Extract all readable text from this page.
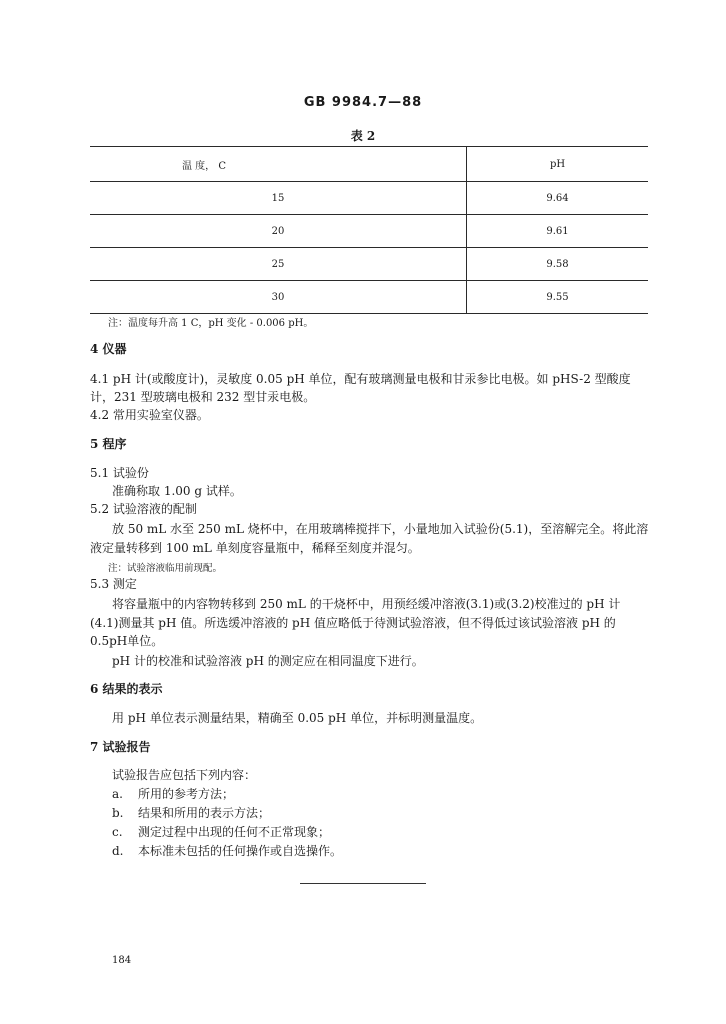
GB 9984.7—88
表 2
温 度， C	pH
15	9.64
20	9.61
25	9.58
30	9.55
注：温度每升高 1 C，pH 变化 - 0.006 pH。
4 仪器
4.1 pH 计(或酸度计)，灵敏度 0.05 pH 单位，配有玻璃测量电极和甘汞参比电极。如 pHS-2 型酸度
计，231 型玻璃电极和 232 型甘汞电极。
4.2 常用实验室仪器。
5 程序
5.1 试验份
准确称取 1.00 g 试样。
5.2 试验溶液的配制
放 50 mL 水至 250 mL 烧杯中，在用玻璃棒搅拌下，小量地加入试验份(5.1)，至溶解完全。将此溶
液定量转移到 100 mL 单刻度容量瓶中，稀释至刻度并混匀。
注：试验溶液临用前现配。
5.3 测定
将容量瓶中的内容物转移到 250 mL 的干烧杯中，用预经缓冲溶液(3.1)或(3.2)校准过的 pH 计
(4.1)测量其 pH 值。所选缓冲溶液的 pH 值应略低于待测试验溶液，但不得低过该试验溶液 pH 的
0.5pH单位。
pH 计的校准和试验溶液 pH 的测定应在相同温度下进行。
6 结果的表示
用 pH 单位表示测量结果，精确至 0.05 pH 单位，并标明测量温度。
7 试验报告
试验报告应包括下列内容：
a. 所用的参考方法；
b. 结果和所用的表示方法；
c. 测定过程中出现的任何不正常现象；
d. 本标准未包括的任何操作或自选操作。
184
